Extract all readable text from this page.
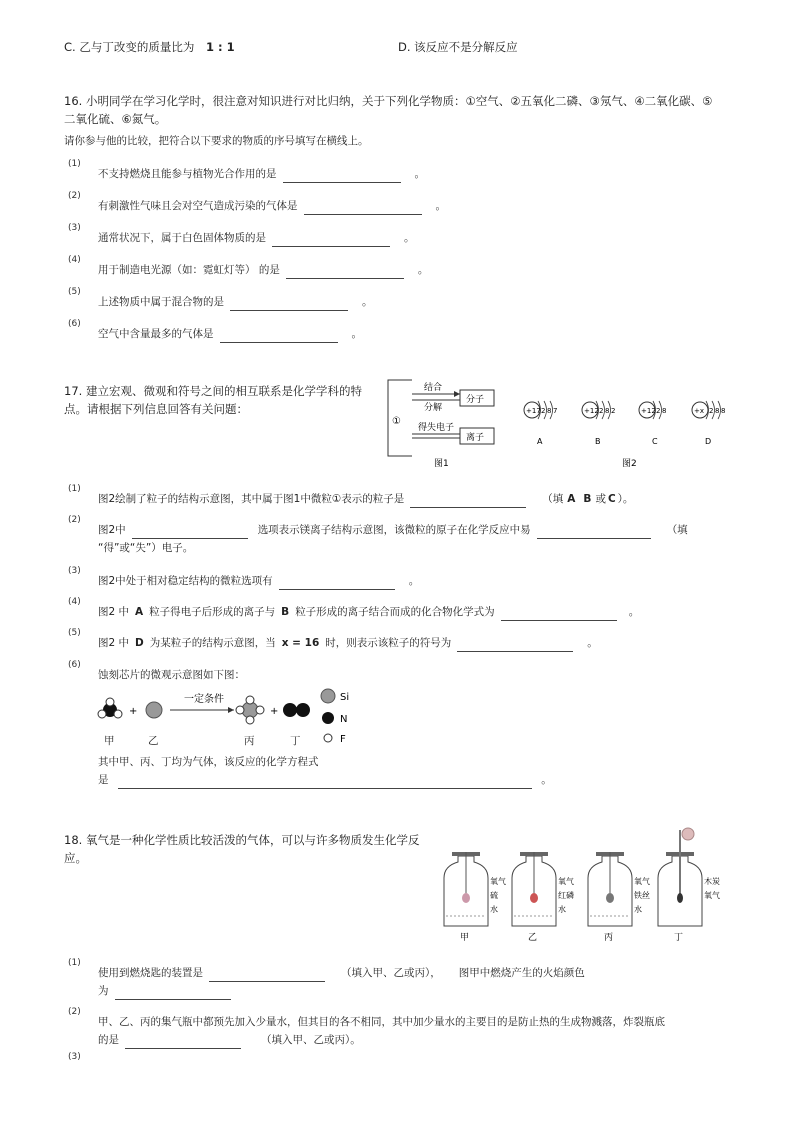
C. 乙与丁改变的质量比为 1 : 1	D. 该反应不是分解反应
16. 小明同学在学习化学时，很注意对知识进行对比归纳，关于下列化学物质：①空气、②五氧化二磷、③氖气、④二氧化碳、⑤
二氧化硫、⑥氮气。
请你参与他的比较，把符合以下要求的物质的序号填写在横线上。
17. 建立宏观、微观和符号之间的相互联系是化学学科的特
点。请根据下列信息回答有关问题：
①
结合
分解
分子
得失电子
离子
图1	图2
+17 2 8 7
A
+12 2 8 2
B
+12 2 8
C
+x 2 8 8
D
+
一定条件
+
Si
N
F
甲	乙	丙	丁
其中甲、丙、丁均为气体，该反应的化学方程式
是	。
18. 氧气是一种化学性质比较活泼的气体，可以与许多物质发生化学反
应。
氧气
硫
水
甲
氧气
红磷
水
乙
氧气
铁丝
水
丙
木炭
氧气
丁
(1)
不支持燃烧且能参与植物光合作用的是	。
(2)
有刺激性气味且会对空气造成污染的气体是	。
(3)
通常状况下，属于白色固体物质的是	。
(4)
用于制造电光源（如：霓虹灯等） 的是	。
(5)
上述物质中属于混合物的是	。
(6)
空气中含量最多的气体是	。
(1)
图2绘制了粒子的结构示意图，其中属于图1中微粒①表示的粒子是	（填 A B 或 C ）。
(2)
图2中	选项表示镁离子结构示意图，该微粒的原子在化学反应中易	（填
“得”或“失”）电子。
(3)
图2中处于相对稳定结构的微粒选项有	。
(4)
图2 中 A 粒子得电子后形成的离子与 B 粒子形成的离子结合而成的化合物化学式为	。
(5)
图2 中 D 为某粒子的结构示意图，当 x = 16 时，则表示该粒子的符号为	。
(6)
蚀刻芯片的微观示意图如下图：
(1)
使用到燃烧匙的装置是	（填入甲、乙或丙）， 图甲中燃烧产生的火焰颜色
为
(2)
甲、乙、丙的集气瓶中都预先加入少量水，但其目的各不相同，其中加少量水的主要目的是防止热的生成物溅落，炸裂瓶底
的是	（填入甲、乙或丙）。
(3)
